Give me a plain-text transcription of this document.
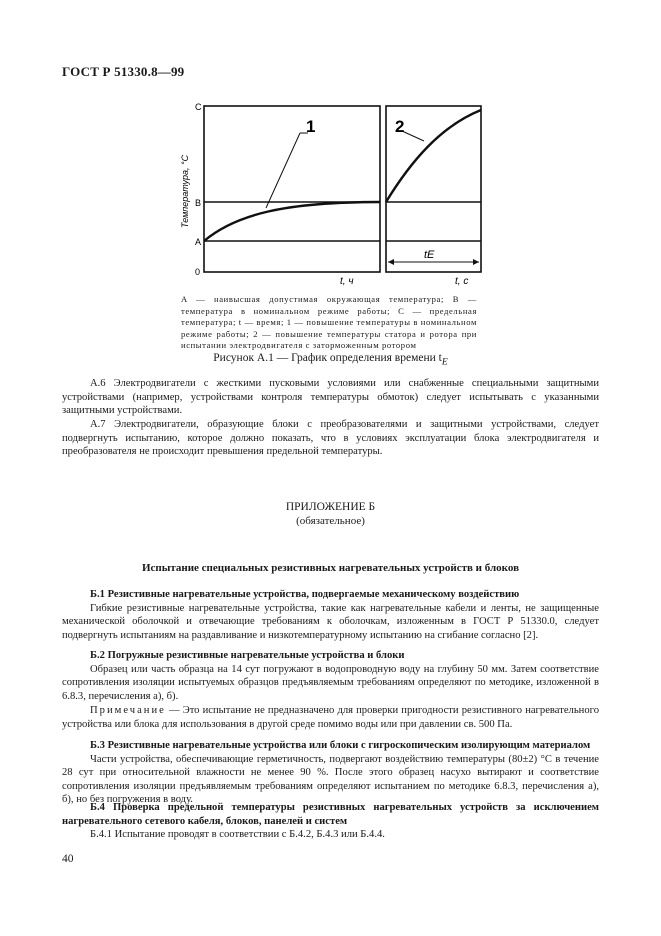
ГОСТ Р 51330.8—99
1	2
C
B
A
0
Температура, °С
tE
t, ч	t, с
A — наивысшая допустимая окружающая температура; B — температура в номинальном режиме работы; C — предельная температура; t — время; 1 — повышение температуры в номинальном режиме работы; 2 — повышение температуры статора и ротора при испытании электродвигателя с заторможенным ротором
Рисунок А.1 — График определения времени $t_E$
А.6 Электродвигатели с жесткими пусковыми условиями или снабженные специальными защитными устройствами (например, устройствами контроля температуры обмоток) следует испытывать с указанными защитными устройствами.
А.7 Электродвигатели, образующие блоки с преобразователями и защитными устройствами, следует подвергнуть испытанию, которое должно показать, что в условиях эксплуатации блока электродвигателя и преобразователя не происходит превышения предельной температуры.
ПРИЛОЖЕНИЕ Б
(обязательное)
Испытание специальных резистивных нагревательных устройств и блоков
Б.1 Резистивные нагревательные устройства, подвергаемые механическому воздействию
Гибкие резистивные нагревательные устройства, такие как нагревательные кабели и ленты, не защищенные механической оболочкой и отвечающие требованиям к оболочкам, изложенным в ГОСТ Р 51330.0, следует подвергнуть испытаниям на раздавливание и низкотемпературному испытанию на сгибание согласно [2].
Б.2 Погружные резистивные нагревательные устройства и блоки
Образец или часть образца на 14 сут погружают в водопроводную воду на глубину 50 мм. Затем соответствие сопротивления изоляции испытуемых образцов предъявляемым требованиям определяют по методике, изложенной в 6.8.3, перечисления а), б).
Примечание — Это испытание не предназначено для проверки пригодности резистивного нагревательного устройства или блока для использования в другой среде помимо воды или при давлении св. 500 Па.
Б.3 Резистивные нагревательные устройства или блоки с гигроскопическим изолирующим материалом
Части устройства, обеспечивающие герметичность, подвергают воздействию температуры (80±2) °С в течение 28 сут при относительной влажности не менее 90 %. После этого образец насухо вытирают и соответствие сопротивления изоляции предъявляемым требованиям определяют испытанием по методике 6.8.3, перечисления а), б), но без погружения в воду.
Б.4 Проверка предельной температуры резистивных нагревательных устройств за исключением нагревательного сетевого кабеля, блоков, панелей и систем
Б.4.1 Испытание проводят в соответствии с Б.4.2, Б.4.3 или Б.4.4.
40
